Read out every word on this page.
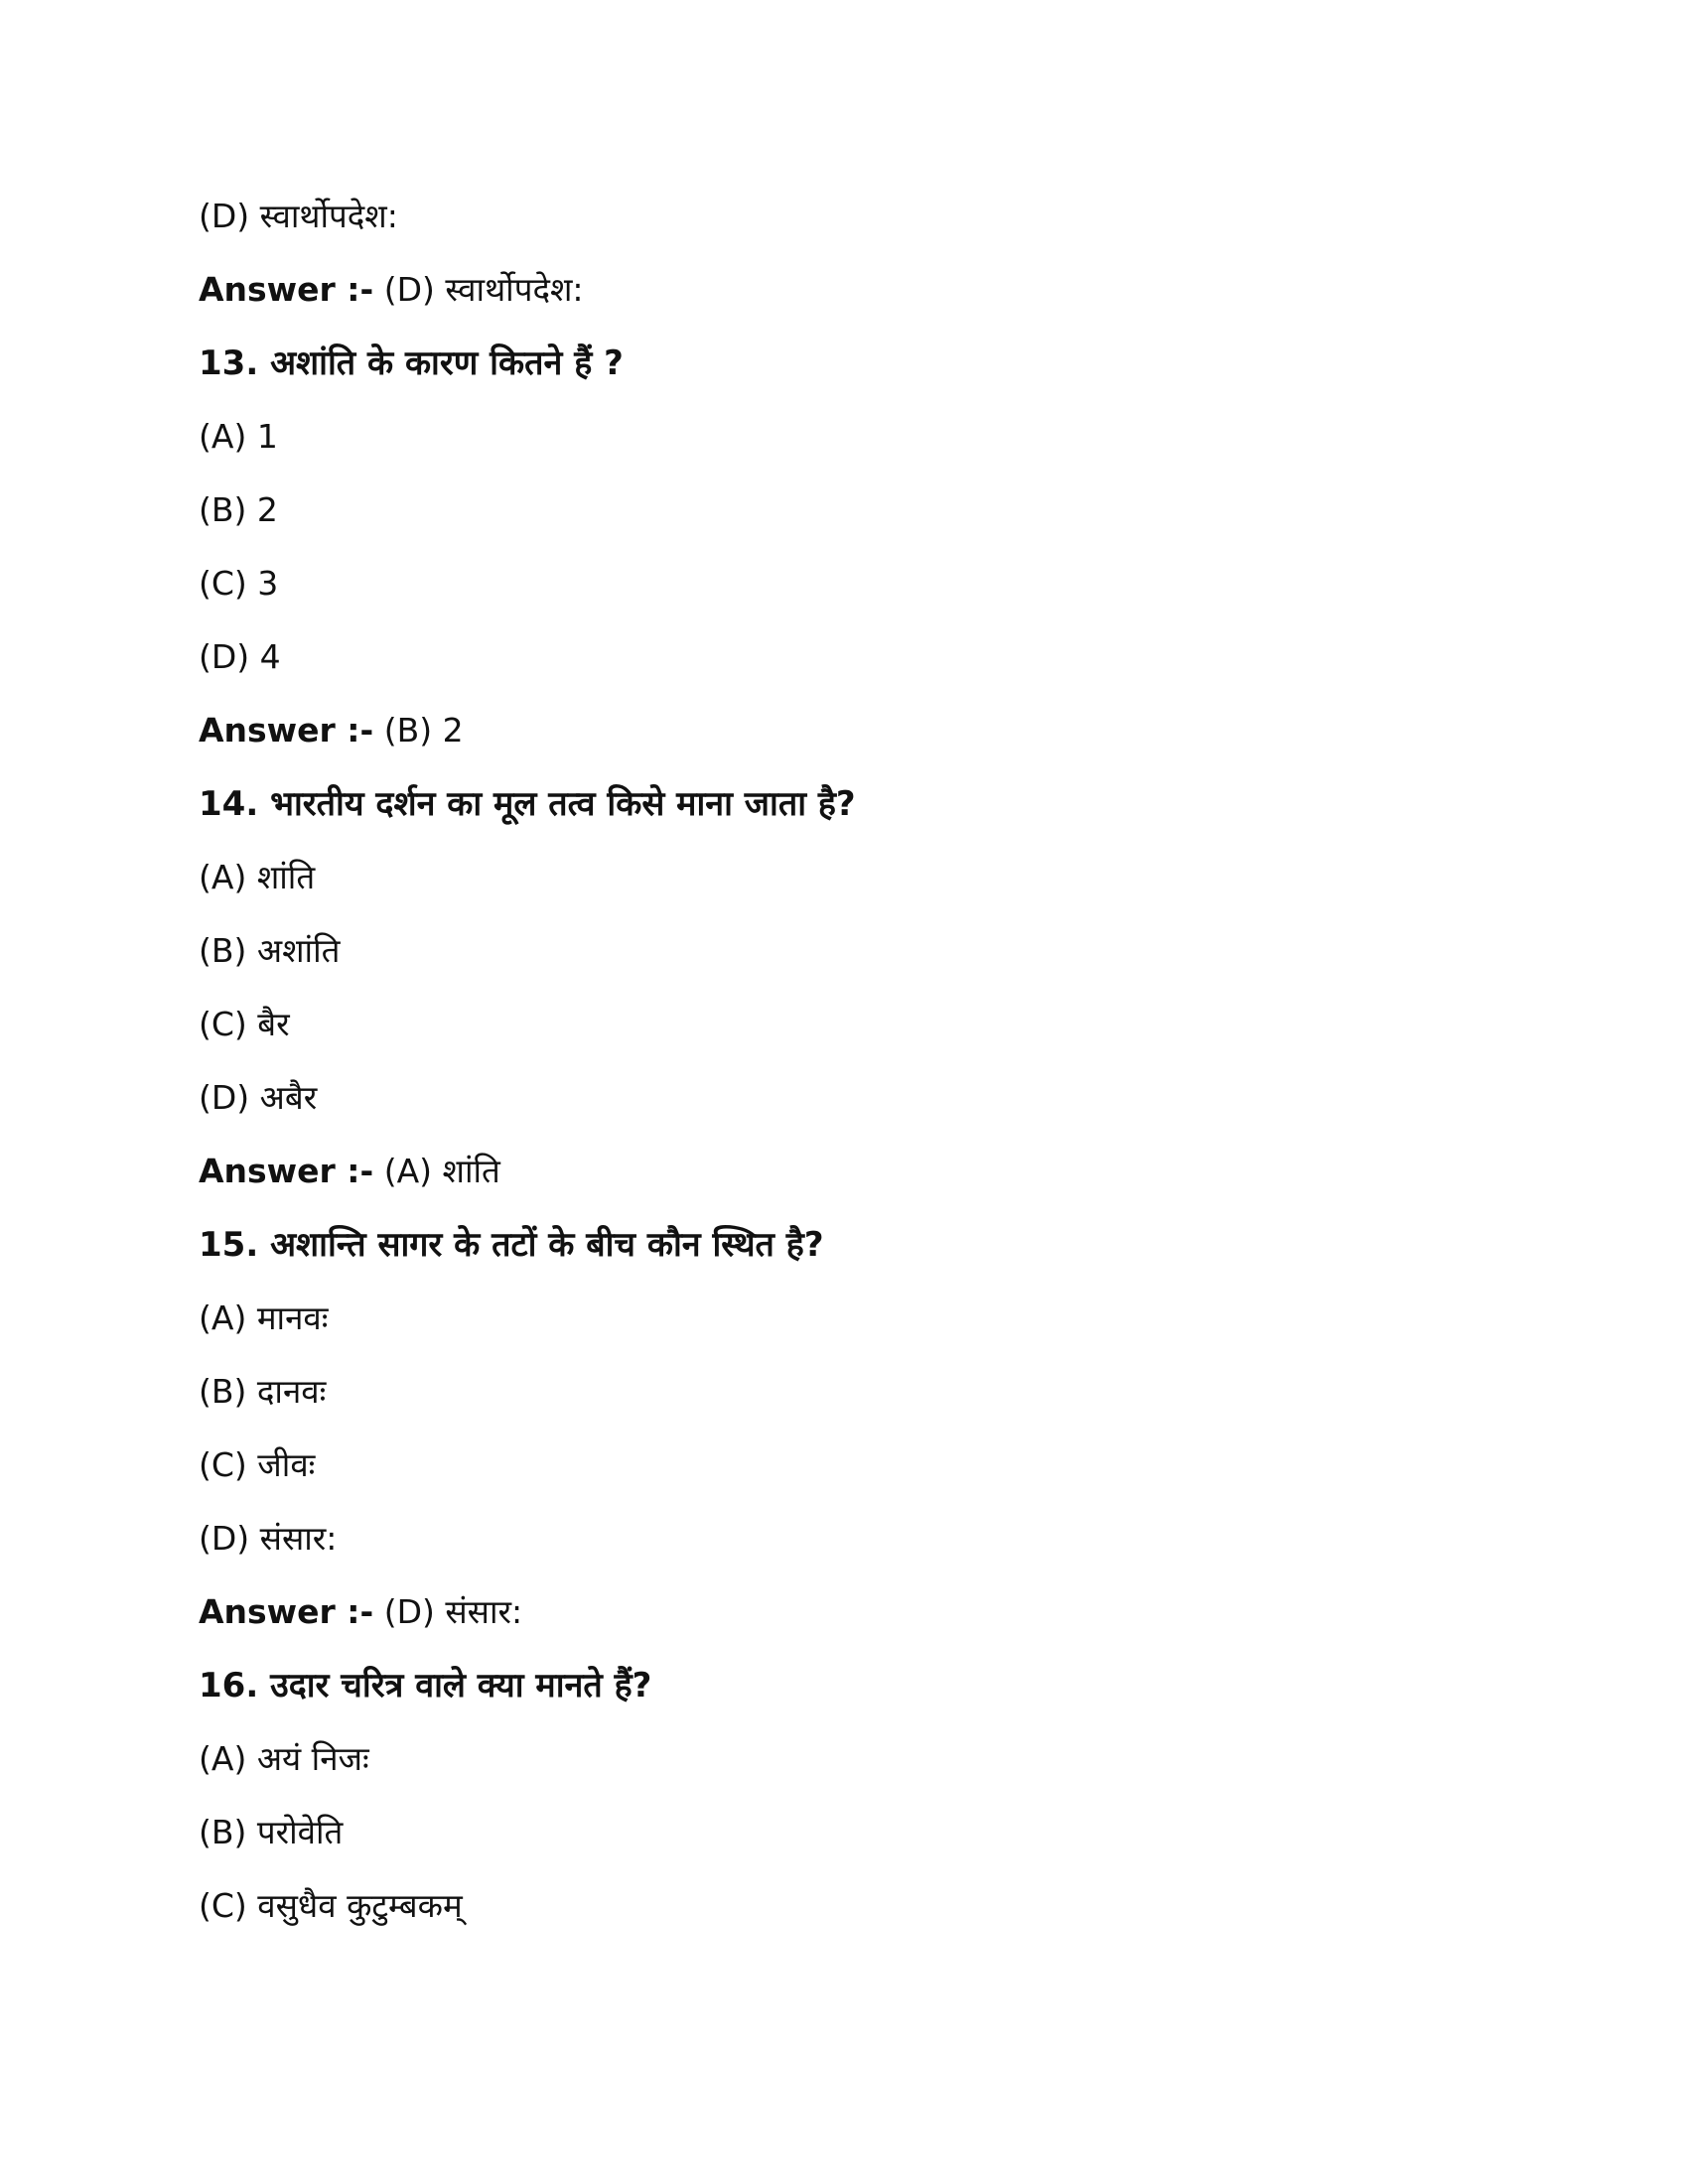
(D) स्वार्थोपदेश:
Answer :- (D) स्वार्थोपदेश:
13. अशांति के कारण कितने हैं ?
(A) 1
(B) 2
(C) 3
(D) 4
Answer :- (B) 2
14. भारतीय दर्शन का मूल तत्व किसे माना जाता है?
(A) शांति
(B) अशांति
(C) बैर
(D) अबैर
Answer :- (A) शांति
15. अशान्ति सागर के तटों के बीच कौन स्थित है?
(A) मानवः
(B) दानवः
(C) जीवः
(D) संसार:
Answer :- (D) संसार:
16. उदार चरित्र वाले क्या मानते हैं?
(A) अयं निजः
(B) परोवेति
(C) वसुधैव कुटुम्बकम्
